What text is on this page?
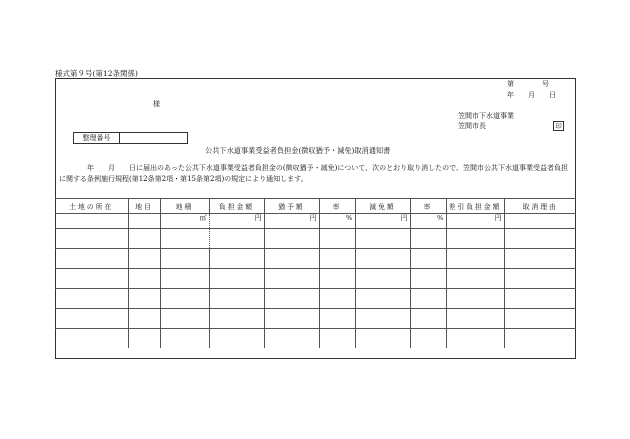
様式第９号(第12条関係)
第　　　　号
年　　月　　日
様
笠間市下水道事業
笠間市長	印
整理番号
公共下水道事業受益者負担金(徴収猶予・減免)取消通知書

年　　月　　日に届出のあった公共下水道事業受益者負担金の(徴収猶予・減免)について、次のとおり取り消したので、笠間市公共下水道事業受益者負担に関する条例施行規程(第12条第2項・第15条第2項)の規定により通知します。

土地の所在	地目	地積	負担金額	猶予額	率	減免額	率	差引負担金額	取消理由
		㎡	円	円	%	円	%	円	
